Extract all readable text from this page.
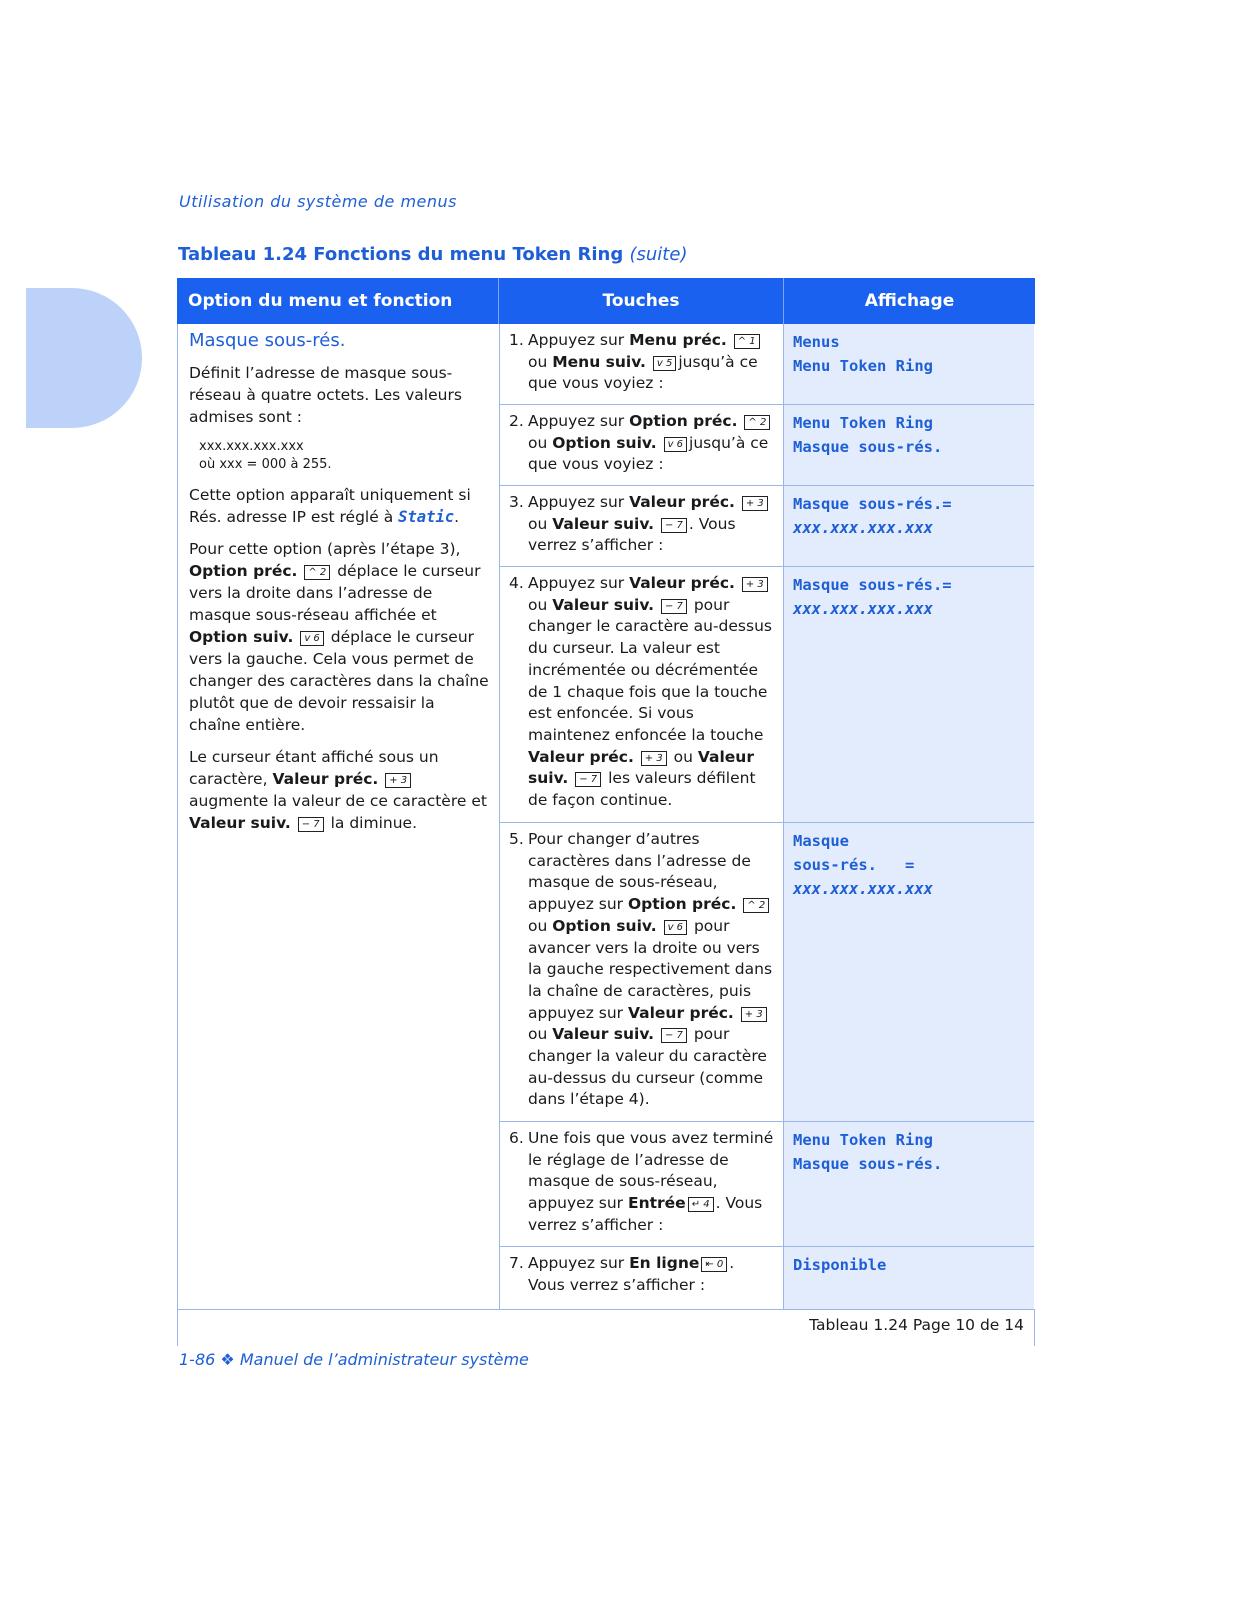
Utilisation du système de menus
Tableau 1.24 Fonctions du menu Token Ring (suite)
Option du menu et fonction	Touches	Affichage
Masque sous-rés.

Définit l’adresse de masque sous-réseau à quatre octets. Les valeurs admises sont :

xxx.xxx.xxx.xxx
où xxx = 000 à 255.

Cette option apparaît uniquement si Rés. adresse IP est réglé à Static.

Pour cette option (après l’étape 3), Option préc. ^ 2 déplace le curseur vers la droite dans l’adresse de masque sous-réseau affichée et Option suiv. v 6 déplace le curseur vers la gauche. Cela vous permet de changer des caractères dans la chaîne plutôt que de devoir ressaisir la chaîne entière.

Le curseur étant affiché sous un caractère, Valeur préc. + 3 augmente la valeur de ce caractère et Valeur suiv. − 7 la diminue.

1. Appuyez sur Menu préc. ^ 1 ou Menu suiv. v 5 jusqu’à ce que vous voyiez :
Menus
Menu Token Ring
2. Appuyez sur Option préc. ^ 2 ou Option suiv. v 6 jusqu’à ce que vous voyiez :
Menu Token Ring
Masque sous-rés.
3. Appuyez sur Valeur préc. + 3 ou Valeur suiv. − 7 . Vous verrez s’afficher :
Masque sous-rés.=
xxx.xxx.xxx.xxx
4. Appuyez sur Valeur préc. + 3 ou Valeur suiv. − 7 pour changer le caractère au-dessus du curseur. La valeur est incrémentée ou décrémentée de 1 chaque fois que la touche est enfoncée. Si vous maintenez enfoncée la touche Valeur préc. + 3 ou Valeur suiv. − 7 les valeurs défilent de façon continue.
Masque sous-rés.=
xxx.xxx.xxx.xxx
5. Pour changer d’autres caractères dans l’adresse de masque de sous-réseau, appuyez sur Option préc. ^ 2 ou Option suiv. v 6 pour avancer vers la droite ou vers la gauche respectivement dans la chaîne de caractères, puis appuyez sur Valeur préc. + 3 ou Valeur suiv. − 7 pour changer la valeur du caractère au-dessus du curseur (comme dans l’étape 4).
Masque
sous-rés.   =
xxx.xxx.xxx.xxx
6. Une fois que vous avez terminé le réglage de l’adresse de masque de sous-réseau, appuyez sur Entrée ↵ 4 . Vous verrez s’afficher :
Menu Token Ring
Masque sous-rés.
7. Appuyez sur En ligne ⇤ 0 . Vous verrez s’afficher :
Disponible
Tableau 1.24 Page 10 de 14
1-86 ❖ Manuel de l’administrateur système
